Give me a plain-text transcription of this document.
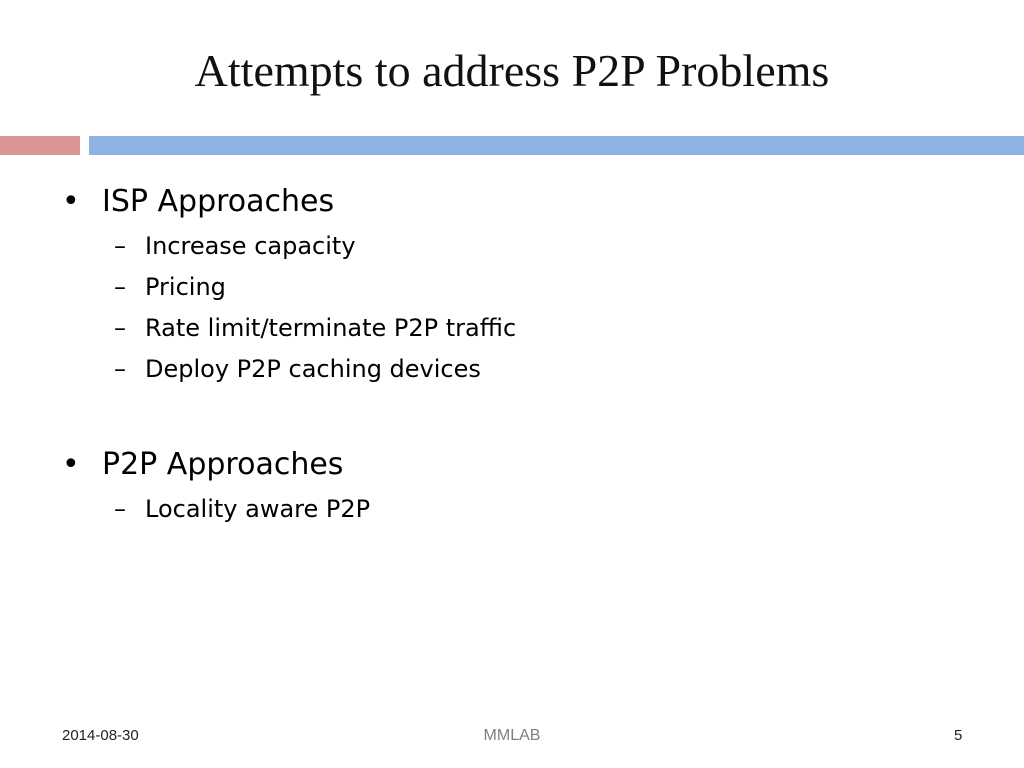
Attempts to address P2P Problems
• ISP Approaches
– Increase capacity
– Pricing
– Rate limit/terminate P2P traffic
– Deploy P2P caching devices
• P2P Approaches
– Locality aware P2P
2014-08-30	MMLAB	5
